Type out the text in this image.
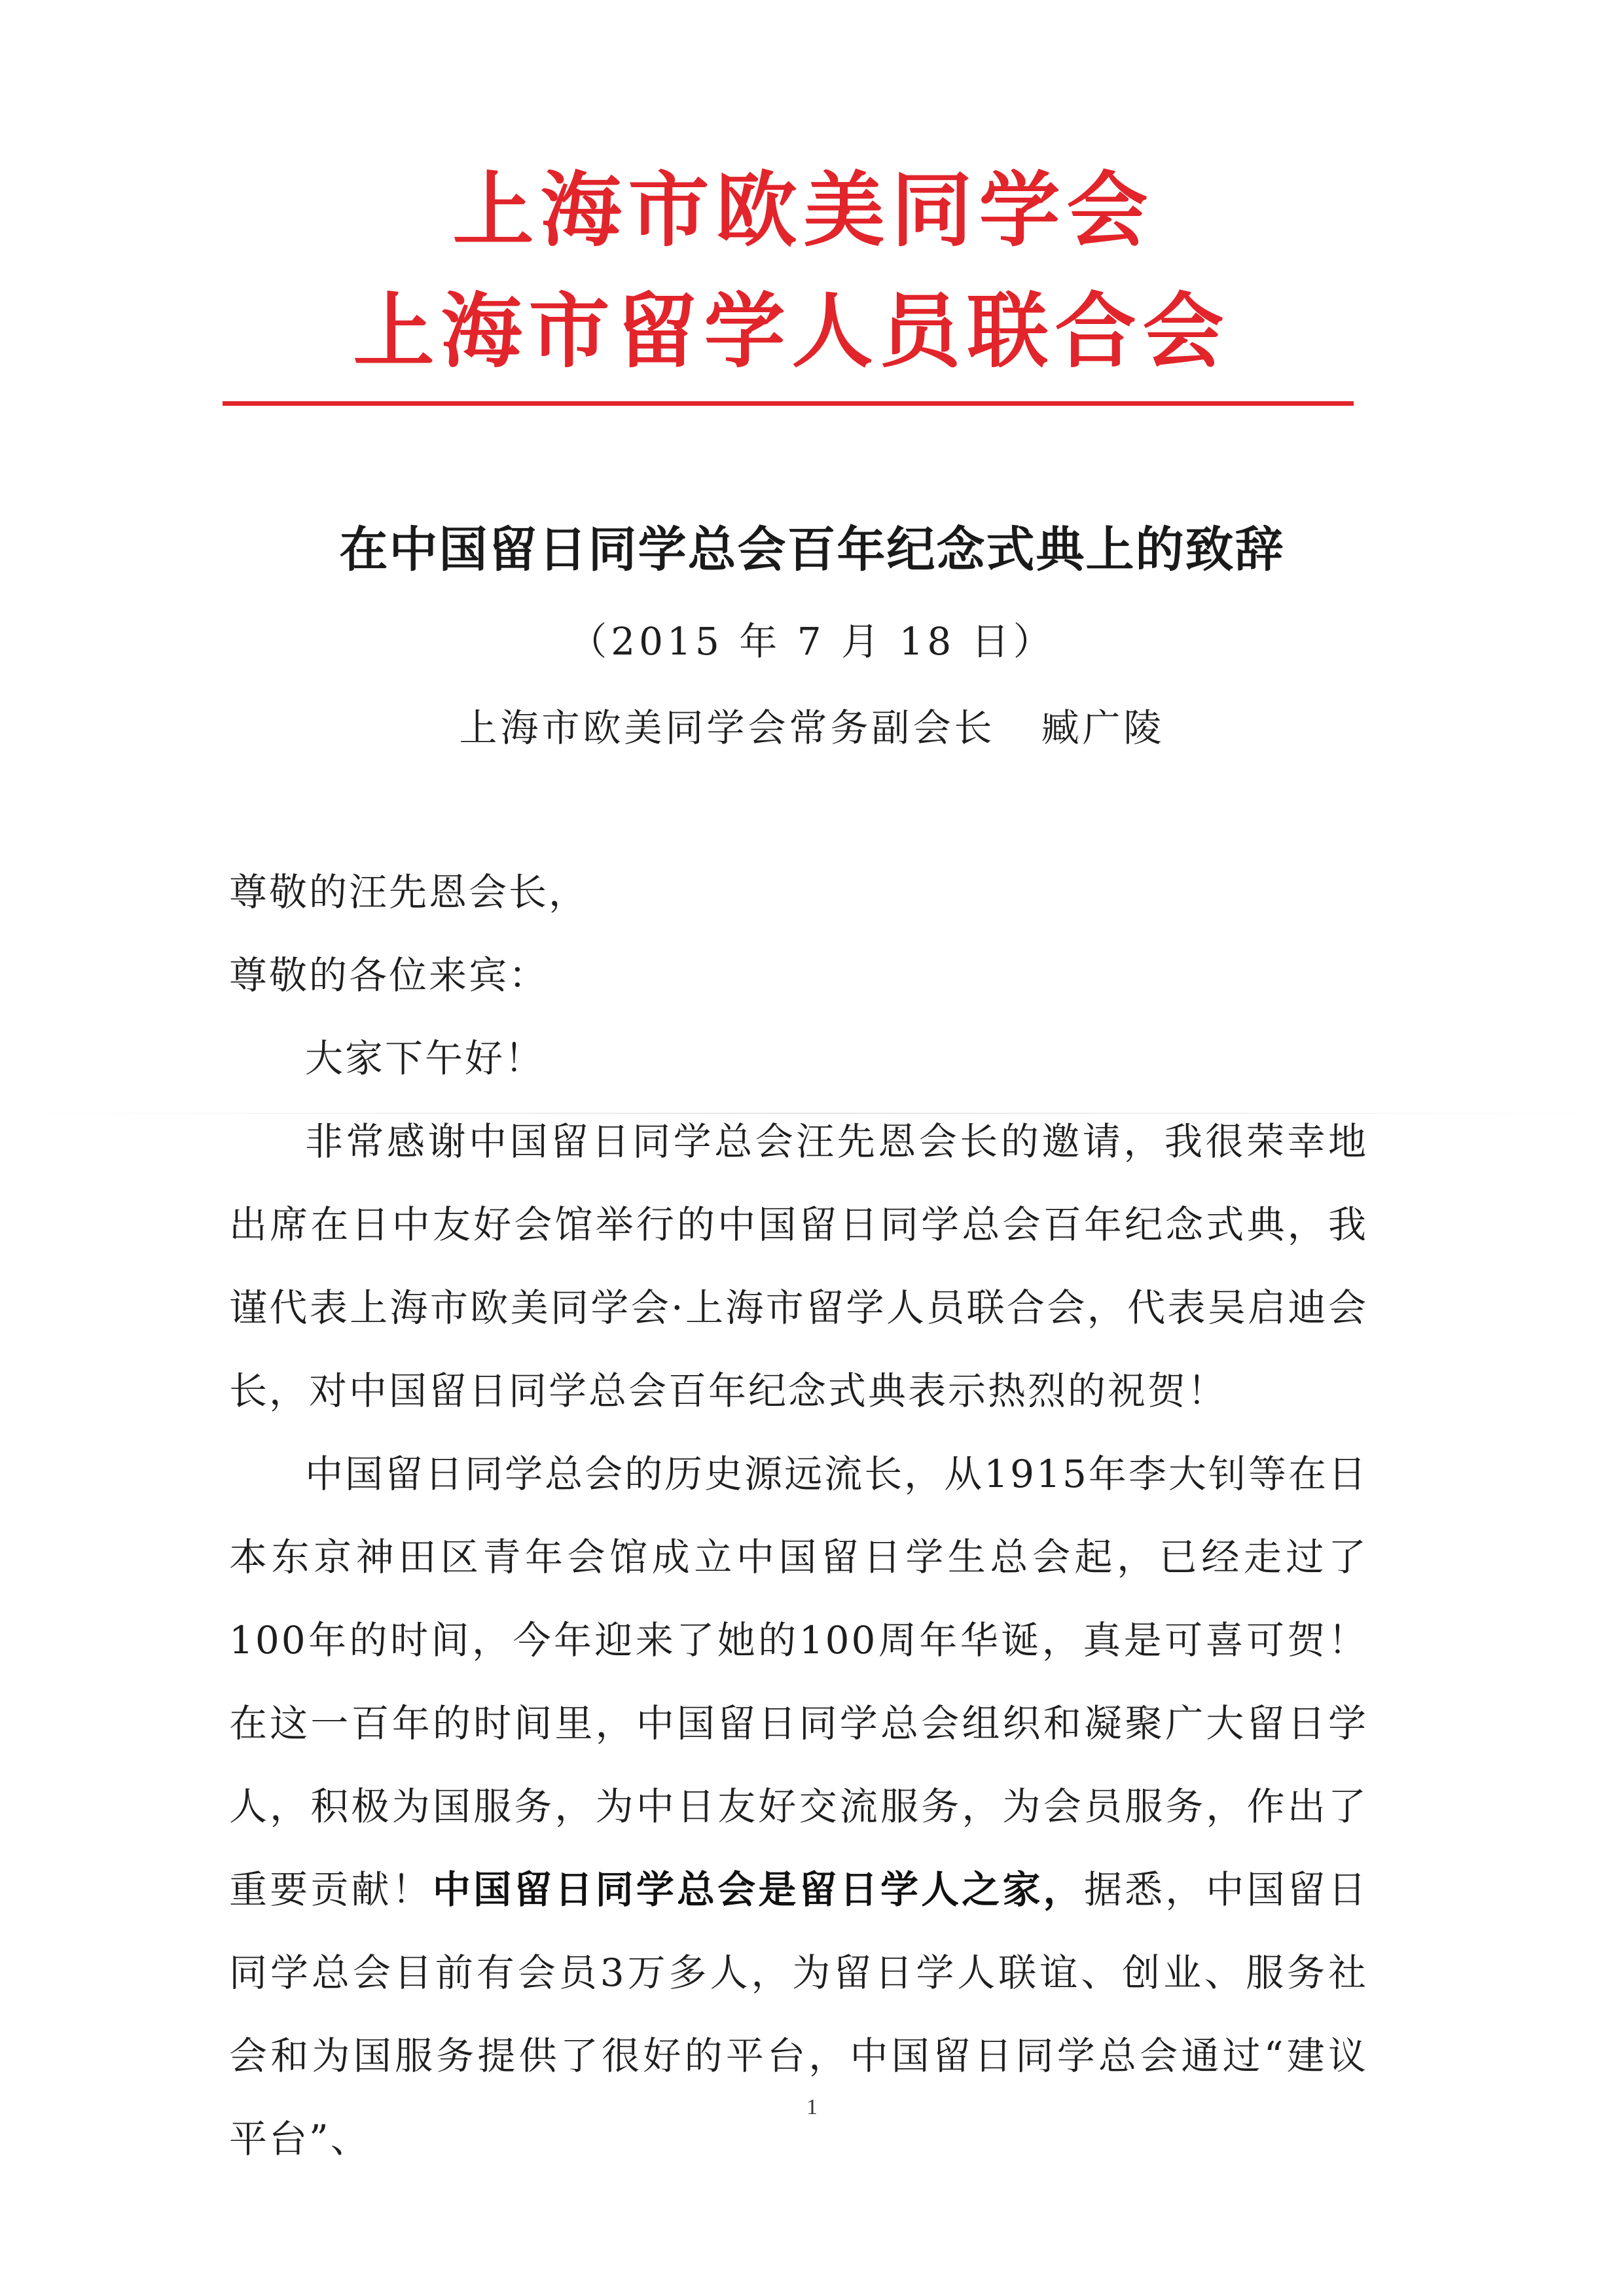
上海市欧美同学会
上海市留学人员联合会
在中国留日同学总会百年纪念式典上的致辞
（2015 年 7 月 18 日）
上海市欧美同学会常务副会长 臧广陵
尊敬的汪先恩会长，
尊敬的各位来宾：
大家下午好！

非常感谢中国留日同学总会汪先恩会长的邀请，我很荣幸地出席在日中友好会馆举行的中国留日同学总会百年纪念式典，我谨代表上海市欧美同学会·上海市留学人员联合会，代表吴启迪会长，对中国留日同学总会百年纪念式典表示热烈的祝贺！

中国留日同学总会的历史源远流长，从1915年李大钊等在日本东京神田区青年会馆成立中国留日学生总会起，已经走过了100年的时间，今年迎来了她的100周年华诞，真是可喜可贺！在这一百年的时间里，中国留日同学总会组织和凝聚广大留日学人，积极为国服务，为中日友好交流服务，为会员服务，作出了重要贡献！中国留日同学总会是留日学人之家，据悉，中国留日同学总会目前有会员3万多人，为留日学人联谊、创业、服务社会和为国服务提供了很好的平台，中国留日同学总会通过“建议平台”、

1
